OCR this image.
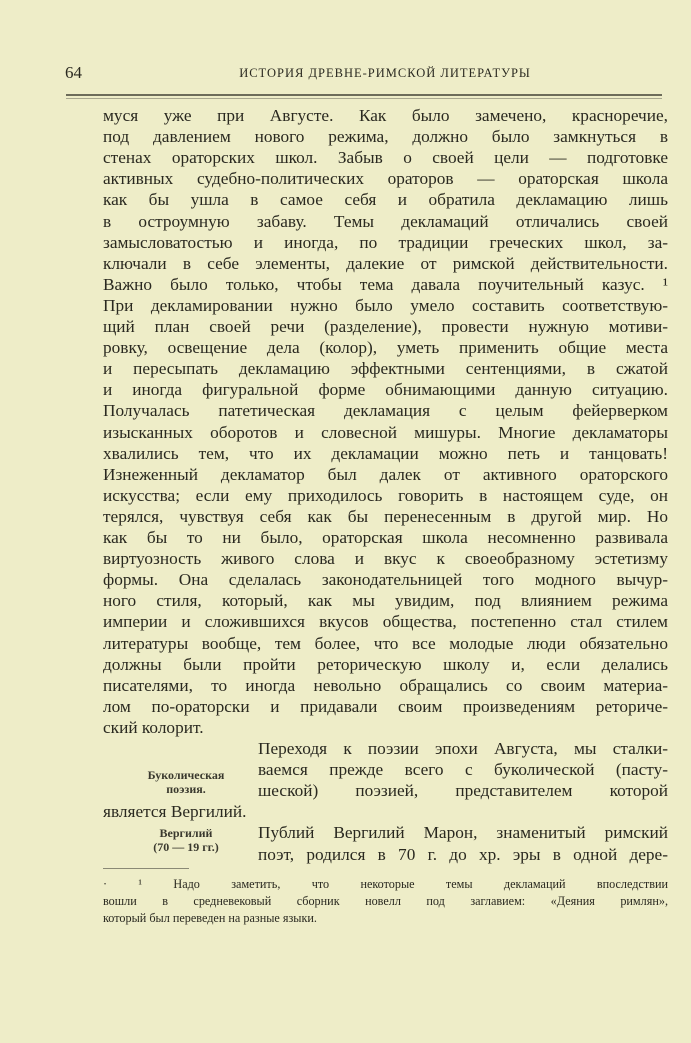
64	ИСТОРИЯ ДРЕВНЕ-РИМСКОЙ ЛИТЕРАТУРЫ
муся уже при Августе. Как было замечено, красноречие,
под давлением нового режима, должно было замкнуться в
стенах ораторских школ. Забыв о своей цели — подготовке
активных судебно-политических ораторов — ораторская школа
как бы ушла в самое себя и обратила декламацию лишь
в остроумную забаву. Темы декламаций отличались своей
замысловатостью и иногда, по традиции греческих школ, за-
ключали в себе элементы, далекие от римской действительности.
Важно было только, чтобы тема давала поучительный казус. ¹
При декламировании нужно было умело составить соответствую-
щий план своей речи (разделение), провести нужную мотиви-
ровку, освещение дела (колор), уметь применить общие места
и пересыпать декламацию эффектными сентенциями, в сжатой
и иногда фигуральной форме обнимающими данную ситуацию.
Получалась патетическая декламация с целым фейерверком
изысканных оборотов и словесной мишуры. Многие декламаторы
хвалились тем, что их декламации можно петь и танцовать!
Изнеженный декламатор был далек от активного ораторского
искусства; если ему приходилось говорить в настоящем суде, он
терялся, чувствуя себя как бы перенесенным в другой мир. Но
как бы то ни было, ораторская школа несомненно развивала
виртуозность живого слова и вкус к своеобразному эстетизму
формы. Она сделалась законодательницей того модного вычур-
ного стиля, который, как мы увидим, под влиянием режима
империи и сложившихся вкусов общества, постепенно стал стилем
литературы вообще, тем более, что все молодые люди обязательно
должны были пройти реторическую школу и, если делались
писателями, то иногда невольно обращались со своим материа-
лом по-ораторски и придавали своим произведениям реториче-
ский колорит.
Переходя к поэзии эпохи Августа, мы сталки-
ваемся прежде всего с буколической (пасту-
шеской) поэзией, представителем которой
является Вергилий.
Публий Вергилий Марон, знаменитый римский
поэт, родился в 70 г. до хр. эры в одной дере-
Буколическая
поэзия.
Вергилий
(70 — 19 гг.)
· ¹ Надо заметить, что некоторые темы декламаций впоследствии
вошли в средневековый сборник новелл под заглавием: «Деяния римлян»,
который был переведен на разные языки.
